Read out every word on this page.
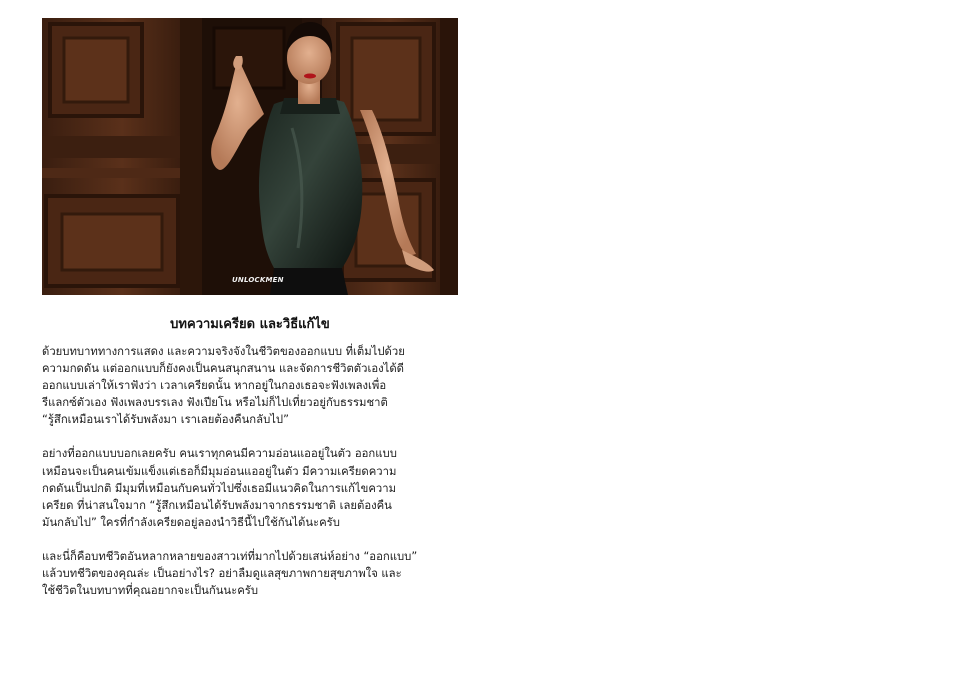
UNLOCKMEN
บทความเครียด และวิธีแก้ไข

ด้วยบทบาททางการแสดง และความจริงจังในชีวิตของออกแบบ ที่เต็มไปด้วย
ความกดดัน แต่ออกแบบก็ยังคงเป็นคนสนุกสนาน และจัดการชีวิตตัวเองได้ดี
ออกแบบเล่าให้เราฟังว่า เวลาเครียดนั้น หากอยู่ในกองเธอจะฟังเพลงเพื่อ
รีแลกซ์ตัวเอง ฟังเพลงบรรเลง ฟังเปียโน หรือไม่ก็ไปเที่ยวอยู่กับธรรมชาติ
“รู้สึกเหมือนเราได้รับพลังมา เราเลยต้องคืนกลับไป”

อย่างที่ออกแบบบอกเลยครับ คนเราทุกคนมีความอ่อนแออยู่ในตัว ออกแบบ
เหมือนจะเป็นคนเข้มแข็งแต่เธอก็มีมุมอ่อนแออยู่ในตัว มีความเครียดความ
กดดันเป็นปกติ มีมุมที่เหมือนกับคนทั่วไปซึ่งเธอมีแนวคิดในการแก้ไขความ
เครียด ที่น่าสนใจมาก “รู้สึกเหมือนได้รับพลังมาจากธรรมชาติ เลยต้องคืน
มันกลับไป” ใครที่กำลังเครียดอยู่ลองนำวิธีนี้ไปใช้กันได้นะครับ

และนี่ก็คือบทชีวิตอันหลากหลายของสาวเท่ที่มากไปด้วยเสน่ห์อย่าง “ออกแบบ”
แล้วบทชีวิตของคุณล่ะ เป็นอย่างไร? อย่าลืมดูแลสุขภาพกายสุขภาพใจ และ
ใช้ชีวิตในบทบาทที่คุณอยากจะเป็นกันนะครับ
